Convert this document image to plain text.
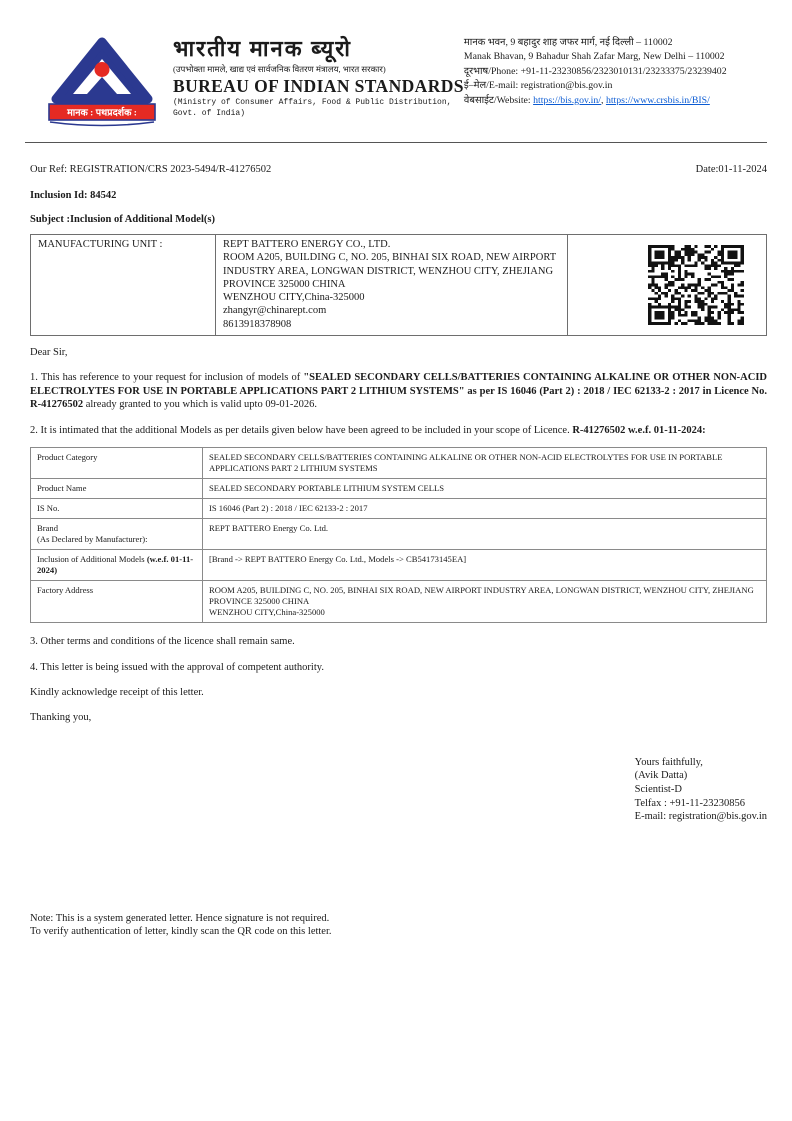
मानक : पथप्रदर्शक :
भारतीय मानक ब्यूरो
(उपभोक्ता मामले, खाद्य एवं सार्वजनिक वितरण मंत्रालय, भारत सरकार)
BUREAU OF INDIAN STANDARDS
(Ministry of Consumer Affairs, Food & Public Distribution, Govt. of India)
मानक भवन, 9 बहादुर शाह जफर मार्ग, नई दिल्ली – 110002
Manak Bhavan, 9 Bahadur Shah Zafar Marg, New Delhi – 110002
दूरभाष/Phone: +91-11-23230856/2323010131/23233375/23239402
ई–मेल/E-mail: registration@bis.gov.in
वेबसाईट/Website: https://bis.gov.in/, https://www.crsbis.in/BIS/
Our Ref: REGISTRATION/CRS 2023-5494/R-41276502	Date:01-11-2024
Inclusion Id: 84542
Subject :Inclusion of Additional Model(s)
MANUFACTURING UNIT :	REPT BATTERO ENERGY CO., LTD.
ROOM A205, BUILDING C, NO. 205, BINHAI SIX ROAD, NEW AIRPORT INDUSTRY AREA, LONGWAN DISTRICT, WENZHOU CITY, ZHEJIANG PROVINCE 325000 CHINA
WENZHOU CITY,China-325000
zhangyr@chinarept.com
8613918378908

Dear Sir,
1. This has reference to your request for inclusion of models of "SEALED SECONDARY CELLS/BATTERIES CONTAINING ALKALINE OR OTHER NON-ACID ELECTROLYTES FOR USE IN PORTABLE APPLICATIONS PART 2 LITHIUM SYSTEMS" as per IS 16046 (Part 2) : 2018 / IEC 62133-2 : 2017 in Licence No. R-41276502 already granted to you which is valid upto 09-01-2026.
2. It is intimated that the additional Models as per details given below have been agreed to be included in your scope of Licence. R-41276502 w.e.f. 01-11-2024:
Product Category	SEALED SECONDARY CELLS/BATTERIES CONTAINING ALKALINE OR OTHER NON-ACID ELECTROLYTES FOR USE IN PORTABLE APPLICATIONS PART 2 LITHIUM SYSTEMS
Product Name	SEALED SECONDARY PORTABLE LITHIUM SYSTEM CELLS
IS No.	IS 16046 (Part 2) : 2018 / IEC 62133-2 : 2017

Brand
(As Declared by Manufacturer):	REPT BATTERO Energy Co. Ltd.
Inclusion of Additional Models (w.e.f. 01-11-2024)	[Brand -> REPT BATTERO Energy Co. Ltd., Models -> CB54173145EA]
Factory Address	ROOM A205, BUILDING C, NO. 205, BINHAI SIX ROAD, NEW AIRPORT INDUSTRY AREA, LONGWAN DISTRICT, WENZHOU CITY, ZHEJIANG PROVINCE 325000 CHINA
WENZHOU CITY,China-325000
3. Other terms and conditions of the licence shall remain same.
4. This letter is being issued with the approval of competent authority.
Kindly acknowledge receipt of this letter.
Thanking you,
Yours faithfully,
(Avik Datta)
Scientist-D
Telfax : +91-11-23230856
E-mail: registration@bis.gov.in
Note: This is a system generated letter. Hence signature is not required.
To verify authentication of letter, kindly scan the QR code on this letter.
